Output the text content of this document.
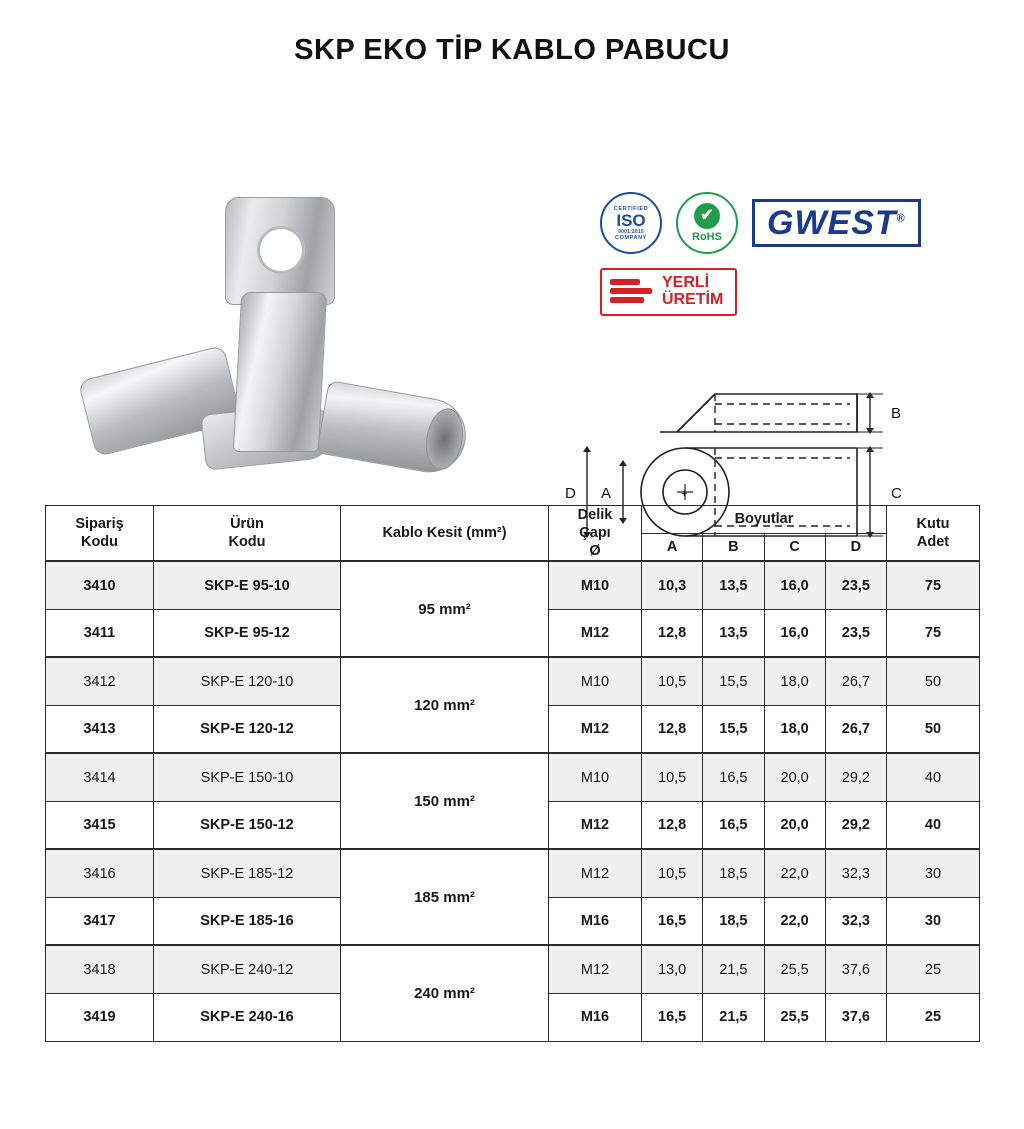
SKP EKO TİP KABLO PABUCU
CERTIFIED
ISO
9001:2015
COMPANY
✔
RoHS	GWEST®
YERLİ
ÜRETİM
B
+
D A	C
Sipariş
Kodu

Ürün
Kodu
	Kablo Kesit (mm²)	
Delik
Çapı
Ø
	Boyutlar	Kutu
Adet

				A	B	C	D	
3410	SKP-E 95-10	95 mm²	M10	10,3	13,5	16,0	23,5	75
3411	SKP-E 95-12		M12	12,8	13,5	16,0	23,5	75
3412	SKP-E 120-10	120 mm²	M10	10,5	15,5	18,0	26,7	50
3413	SKP-E 120-12		M12	12,8	15,5	18,0	26,7	50
3414	SKP-E 150-10	150 mm²	M10	10,5	16,5	20,0	29,2	40
3415	SKP-E 150-12		M12	12,8	16,5	20,0	29,2	40
3416	SKP-E 185-12	185 mm²	M12	10,5	18,5	22,0	32,3	30
3417	SKP-E 185-16		M16	16,5	18,5	22,0	32,3	30
3418	SKP-E 240-12	240 mm²	M12	13,0	21,5	25,5	37,6	25
3419	SKP-E 240-16		M16	16,5	21,5	25,5	37,6	25
